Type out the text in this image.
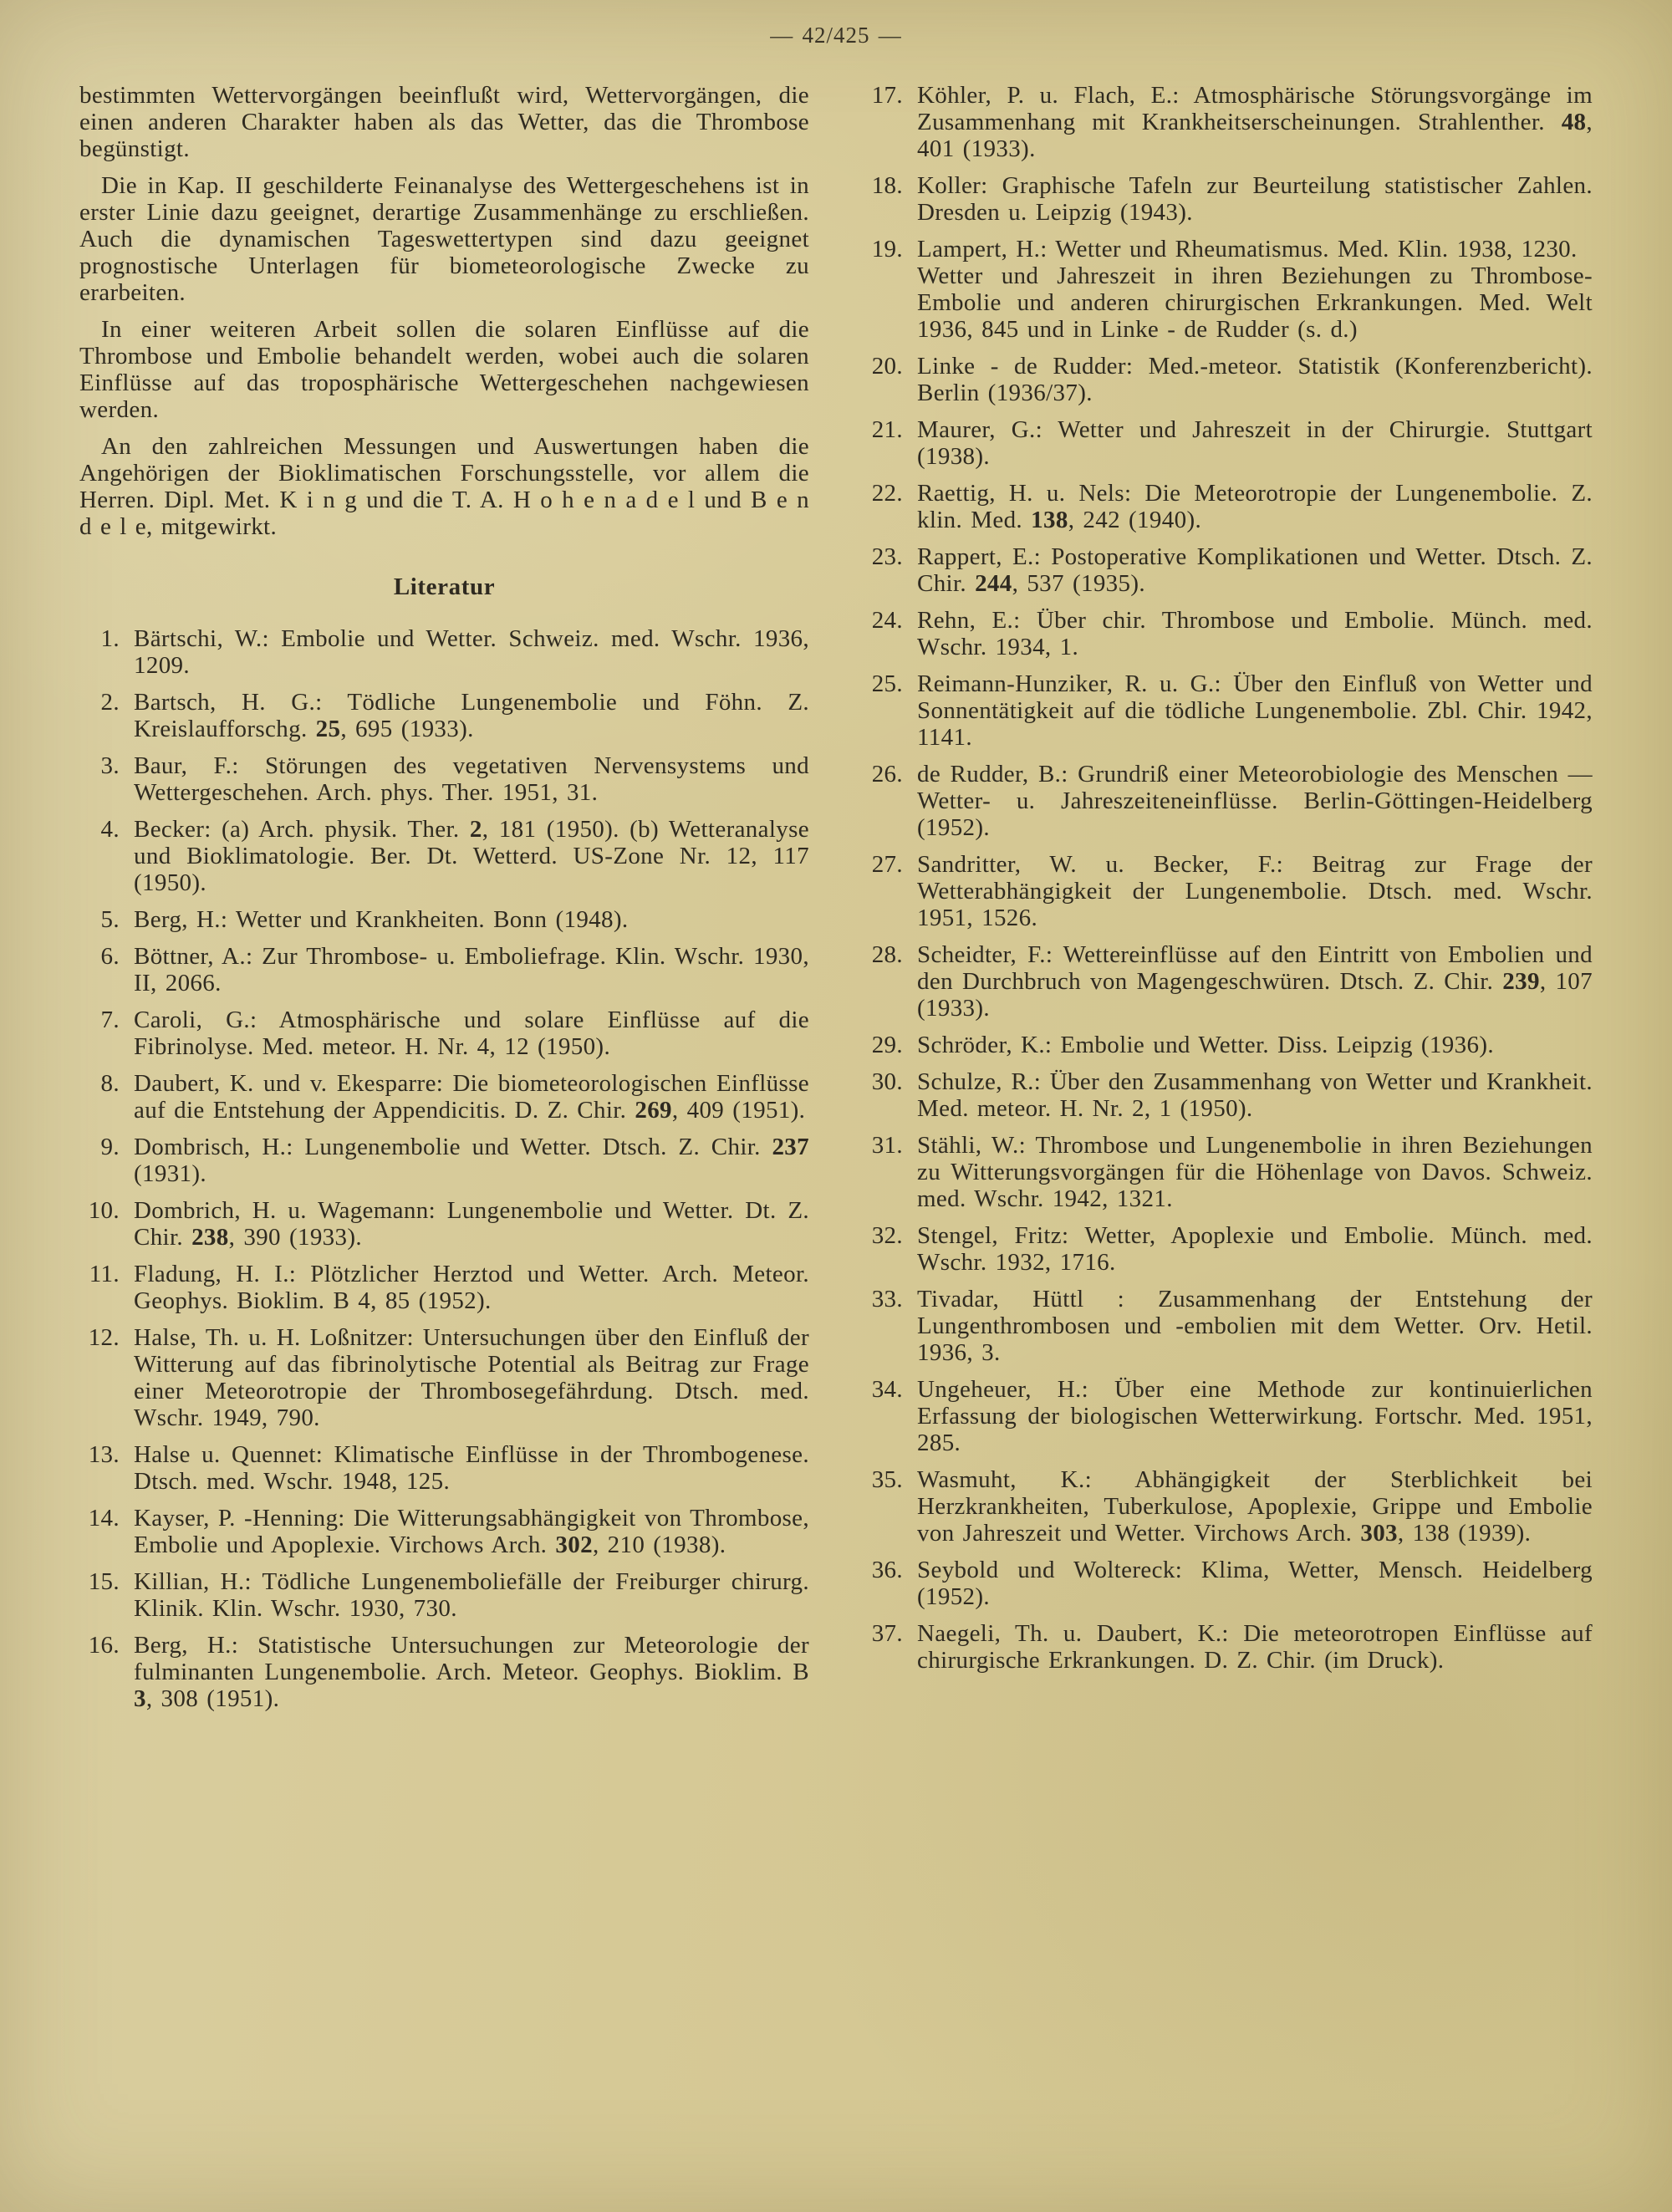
— 42/425 —

bestimmten Wettervorgängen beeinflußt wird, Wettervorgängen, die einen anderen Charakter haben als das Wetter, das die Thrombose begünstigt.

Die in Kap. II geschilderte Feinanalyse des Wettergeschehens ist in erster Linie dazu geeignet, derartige Zusammenhänge zu erschließen. Auch die dynamischen Tageswettertypen sind dazu geeignet prognostische Unterlagen für biometeorologische Zwecke zu erarbeiten.

In einer weiteren Arbeit sollen die solaren Einflüsse auf die Thrombose und Embolie behandelt werden, wobei auch die solaren Einflüsse auf das troposphärische Wettergeschehen nachgewiesen werden.

An den zahlreichen Messungen und Auswertungen haben die Angehörigen der Bioklimatischen Forschungsstelle, vor allem die Herren. Dipl. Met. K i n g und die T. A. H o h e n a d e l und B e n d e l e, mitgewirkt.

Literatur
1. Bärtschi, W.: Embolie und Wetter. Schweiz. med. Wschr. 1936, 1209.
2. Bartsch, H. G.: Tödliche Lungenembolie und Föhn. Z. Kreislaufforschg. 25, 695 (1933).
3. Baur, F.: Störungen des vegetativen Nervensystems und Wettergeschehen. Arch. phys. Ther. 1951, 31.
4. Becker: (a) Arch. physik. Ther. 2, 181 (1950). (b) Wetteranalyse und Bioklimatologie. Ber. Dt. Wetterd. US-Zone Nr. 12, 117 (1950).
5. Berg, H.: Wetter und Krankheiten. Bonn (1948).
6. Böttner, A.: Zur Thrombose- u. Emboliefrage. Klin. Wschr. 1930, II, 2066.
7. Caroli, G.: Atmosphärische und solare Einflüsse auf die Fibrinolyse. Med. meteor. H. Nr. 4, 12 (1950).
8. Daubert, K. und v. Ekesparre: Die biometeorologischen Einflüsse auf die Entstehung der Appendicitis. D. Z. Chir. 269, 409 (1951).
9. Dombrisch, H.: Lungenembolie und Wetter. Dtsch. Z. Chir. 237 (1931).
10. Dombrich, H. u. Wagemann: Lungenembolie und Wetter. Dt. Z. Chir. 238, 390 (1933).
11. Fladung, H. I.: Plötzlicher Herztod und Wetter. Arch. Meteor. Geophys. Bioklim. B 4, 85 (1952).
12. Halse, Th. u. H. Loßnitzer: Untersuchungen über den Einfluß der Witterung auf das fibrinolytische Potential als Beitrag zur Frage einer Meteorotropie der Thrombosegefährdung. Dtsch. med. Wschr. 1949, 790.
13. Halse u. Quennet: Klimatische Einflüsse in der Thrombogenese. Dtsch. med. Wschr. 1948, 125.
14. Kayser, P. -Henning: Die Witterungsabhängigkeit von Thrombose, Embolie und Apoplexie. Virchows Arch. 302, 210 (1938).
15. Killian, H.: Tödliche Lungenemboliefälle der Freiburger chirurg. Klinik. Klin. Wschr. 1930, 730.
16. Berg, H.: Statistische Untersuchungen zur Meteorologie der fulminanten Lungenembolie. Arch. Meteor. Geophys. Bioklim. B 3, 308 (1951).
17. Köhler, P. u. Flach, E.: Atmosphärische Störungsvorgänge im Zusammenhang mit Krankheitserscheinungen. Strahlenther. 48, 401 (1933).
18. Koller: Graphische Tafeln zur Beurteilung statistischer Zahlen. Dresden u. Leipzig (1943).
19. Lampert, H.: Wetter und Rheumatismus. Med. Klin. 1938, 1230.
Wetter und Jahreszeit in ihren Beziehungen zu Thrombose-Embolie und anderen chirurgischen Erkrankungen. Med. Welt 1936, 845 und in Linke - de Rudder (s. d.)
20. Linke - de Rudder: Med.-meteor. Statistik (Konferenzbericht). Berlin (1936/37).
21. Maurer, G.: Wetter und Jahreszeit in der Chirurgie. Stuttgart (1938).
22. Raettig, H. u. Nels: Die Meteorotropie der Lungenembolie. Z. klin. Med. 138, 242 (1940).
23. Rappert, E.: Postoperative Komplikationen und Wetter. Dtsch. Z. Chir. 244, 537 (1935).
24. Rehn, E.: Über chir. Thrombose und Embolie. Münch. med. Wschr. 1934, 1.
25. Reimann-Hunziker, R. u. G.: Über den Einfluß von Wetter und Sonnentätigkeit auf die tödliche Lungenembolie. Zbl. Chir. 1942, 1141.
26. de Rudder, B.: Grundriß einer Meteorobiologie des Menschen — Wetter- u. Jahreszeiteneinflüsse. Berlin-Göttingen-Heidelberg (1952).
27. Sandritter, W. u. Becker, F.: Beitrag zur Frage der Wetterabhängigkeit der Lungenembolie. Dtsch. med. Wschr. 1951, 1526.
28. Scheidter, F.: Wettereinflüsse auf den Eintritt von Embolien und den Durchbruch von Magengeschwüren. Dtsch. Z. Chir. 239, 107 (1933).
29. Schröder, K.: Embolie und Wetter. Diss. Leipzig (1936).
30. Schulze, R.: Über den Zusammenhang von Wetter und Krankheit. Med. meteor. H. Nr. 2, 1 (1950).
31. Stähli, W.: Thrombose und Lungenembolie in ihren Beziehungen zu Witterungsvorgängen für die Höhenlage von Davos. Schweiz. med. Wschr. 1942, 1321.
32. Stengel, Fritz: Wetter, Apoplexie und Embolie. Münch. med. Wschr. 1932, 1716.
33. Tivadar, Hüttl : Zusammenhang der Entstehung der Lungenthrombosen und -embolien mit dem Wetter. Orv. Hetil. 1936, 3.
34. Ungeheuer, H.: Über eine Methode zur kontinuierlichen Erfassung der biologischen Wetterwirkung. Fortschr. Med. 1951, 285.
35. Wasmuht, K.: Abhängigkeit der Sterblichkeit bei Herzkrankheiten, Tuberkulose, Apoplexie, Grippe und Embolie von Jahreszeit und Wetter. Virchows Arch. 303, 138 (1939).
36. Seybold und Woltereck: Klima, Wetter, Mensch. Heidelberg (1952).
37. Naegeli, Th. u. Daubert, K.: Die meteorotropen Einflüsse auf chirurgische Erkrankungen. D. Z. Chir. (im Druck).
